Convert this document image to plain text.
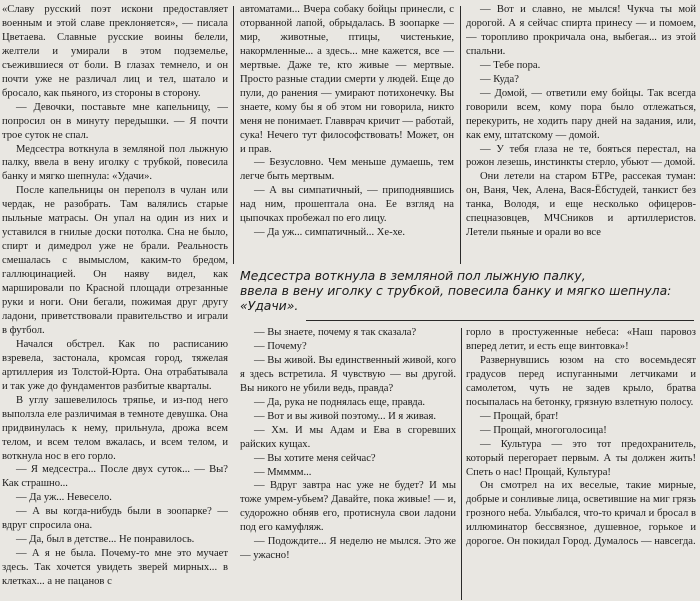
«Славу русский поэт искони предоставляет военным и этой славе преклоняется», — писала Цветаева. Славные русские воины белели, желтели и умирали в этом подземелье, съежившиеся от боли. В глазах темнело, и он почти уже не различал лиц и тел, шатало и бросало, как пьяного, из стороны в сторону.

— Девочки, поставьте мне капельницу, — попросил он в минуту передышки. — Я почти трое суток не спал.

Медсестра воткнула в земляной пол лыжную палку, ввела в вену иголку с трубкой, повесила банку и мягко шепнула: «Удачи».

После капельницы он переполз в чулан или чердак, не разобрать. Там валялись старые пыльные матрасы. Он упал на один из них и уставился в гнилые доски потолка. Сна не было, спирт и димедрол уже не брали. Реальность смешалась с вымыслом, каким-то бредом, галлюцинацией. Он наяву видел, как маршировали по Красной площади отрезанные руки и ноги. Они бегали, пожимая друг другу ладони, приветствовали правительство и играли в футбол.

Начался обстрел. Как по расписанию взревела, застонала, кромсая город, тяжелая артиллерия из Толстой-Юрта. Она отрабатывала и так уже до фундаментов разбитые кварталы.

В углу зашевелилось тряпье, и из-под него выползла еле различимая в темноте девушка. Она придвинулась к нему, прильнула, дрожа всем телом, и всем телом вжалась, и всем телом, и воткнула нос в его горло.

— Я медсестра... После двух суток... — Вы? Как страшно...

— Да уж... Невесело.

— А вы когда-нибудь были в зоопарке? — вдруг спросила она.

— Да, был в детстве... Не понравилось.

— А я не была. Почему-то мне это мучает здесь. Так хочется увидеть зверей мирных... в клетках... а не пацанов с

автоматами... Вчера собаку бойцы принесли, с оторванной лапой, обрыдалась. В зоопарке — мир, животные, птицы, чистенькие, накормленные... а здесь... мне кажется, все — мертвые. Даже те, кто живые — мертвые. Просто разные стадии смерти у людей. Еще до пули, до ранения — умирают потихонечку. Вы знаете, кому бы я об этом ни говорила, никто меня не понимает. Главврач кричит — работай, сука! Нечего тут философствовать! Может, он и прав.

— Безусловно. Чем меньше думаешь, тем легче быть мертвым.

— А вы симпатичный, — приподнявшись над ним, прошептала она. Ее взгляд на цыпочках пробежал по его лицу.

— Да уж... симпатичный... Хе-хе.

— Вот и славно, не мылся! Чукча ты мой дорогой. А я сейчас спирта принесу — и помоем, — торопливо прокричала она, выбегая... из этой спальни.

— Тебе пора.

— Куда?

— Домой, — ответили ему бойцы. Так всегда говорили всем, кому пора было отлежаться, перекурить, не ходить пару дней на задания, или, как ему, штатскому — домой.

— У тебя глаза не те, бояться перестал, на рожон лезешь, инстинкты стерло, убьют — домой.

Они летели на старом БТРе, рассекая туман: он, Ваня, Чек, Алена, Вася-Ёбстудей, танкист без танка, Володя, и еще несколько офицеров-спецназовцев, МЧСников и артиллеристов. Летели пьяные и орали во все

Медсестра воткнула в земляной пол лыжную палку,
ввела в вену иголку с трубкой, повесила банку и мягко шепнула:
«Удачи».

— Вы знаете, почему я так сказала?

— Почему?

— Вы живой. Вы единственный живой, кого я здесь встретила. Я чувствую — вы другой. Вы никого не убили ведь, правда?

— Да, рука не поднялась еще, правда.

— Вот и вы живой поэтому... И я живая.

— Хм. И мы Адам и Ева в сгоревших райских кущах.

— Вы хотите меня сейчас?

— Ммммм...

— Вдруг завтра нас уже не будет? И мы тоже умрем-убьем? Давайте, пока живые! — и, судорожно обняв его, протиснула свои ладони под его камуфляж.

— Подождите... Я неделю не мылся. Это же — ужасно!

горло в простуженные небеса: «Наш паровоз вперед летит, и есть еще винтовка»!

Развернувшись юзом на сто восемьдесят градусов перед испуганными летчиками и самолетом, чуть не задев крыло, братва посыпалась на бетонку, грязную взлетную полосу.

— Прощай, брат!

— Прощай, многоголосица!

— Культура — это тот предохранитель, который перегорает первым. А ты должен жить! Спеть о нас! Прощай, Культура!

Он смотрел на их веселые, такие мирные, добрые и сонливые лица, осветившие на миг грязь грозного неба. Улыбался, что-то кричал и бросал в иллюминатор бессвязное, душевное, горькое и дорогое. Он покидал Город. Думалось — навсегда.
